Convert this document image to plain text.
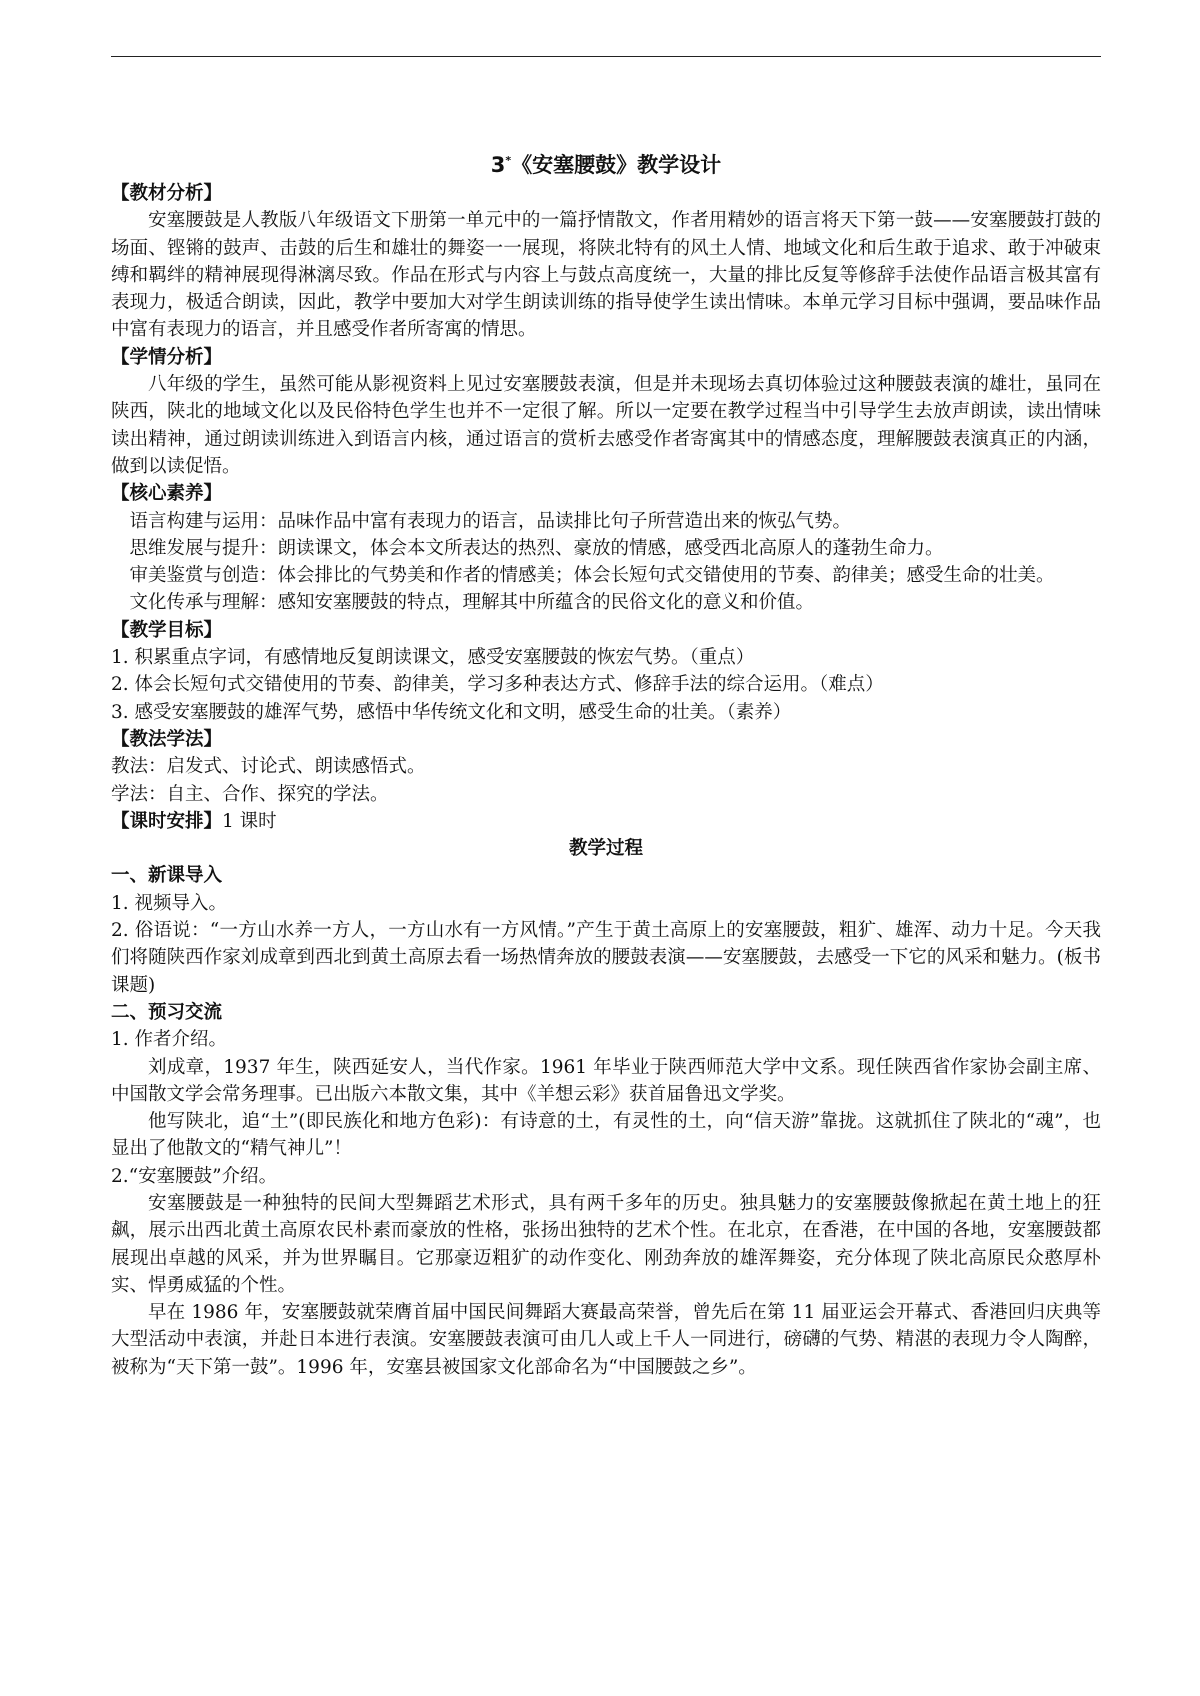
3*《安塞腰鼓》教学设计
【教材分析】
安塞腰鼓是人教版八年级语文下册第一单元中的一篇抒情散文，作者用精妙的语言将天下第一鼓——安塞腰鼓打鼓的场面、铿锵的鼓声、击鼓的后生和雄壮的舞姿一一展现，将陕北特有的风土人情、地域文化和后生敢于追求、敢于冲破束缚和羁绊的精神展现得淋漓尽致。作品在形式与内容上与鼓点高度统一，大量的排比反复等修辞手法使作品语言极其富有表现力，极适合朗读，因此，教学中要加大对学生朗读训练的指导使学生读出情味。本单元学习目标中强调，要品味作品中富有表现力的语言，并且感受作者所寄寓的情思。
【学情分析】
八年级的学生，虽然可能从影视资料上见过安塞腰鼓表演，但是并未现场去真切体验过这种腰鼓表演的雄壮，虽同在陕西，陕北的地域文化以及民俗特色学生也并不一定很了解。所以一定要在教学过程当中引导学生去放声朗读，读出情味读出精神，通过朗读训练进入到语言内核，通过语言的赏析去感受作者寄寓其中的情感态度，理解腰鼓表演真正的内涵，做到以读促悟。
【核心素养】
语言构建与运用：品味作品中富有表现力的语言，品读排比句子所营造出来的恢弘气势。
思维发展与提升：朗读课文，体会本文所表达的热烈、豪放的情感，感受西北高原人的蓬勃生命力。
审美鉴赏与创造：体会排比的气势美和作者的情感美；体会长短句式交错使用的节奏、韵律美；感受生命的壮美。
文化传承与理解：感知安塞腰鼓的特点，理解其中所蕴含的民俗文化的意义和价值。
【教学目标】
1. 积累重点字词，有感情地反复朗读课文，感受安塞腰鼓的恢宏气势。（重点）
2. 体会长短句式交错使用的节奏、韵律美，学习多种表达方式、修辞手法的综合运用。（难点）
3. 感受安塞腰鼓的雄浑气势，感悟中华传统文化和文明，感受生命的壮美。（素养）
【教法学法】
教法：启发式、讨论式、朗读感悟式。
学法：自主、合作、探究的学法。
【课时安排】1 课时
教学过程
一、新课导入
1. 视频导入。
2. 俗语说：“一方山水养一方人，一方山水有一方风情。”产生于黄土高原上的安塞腰鼓，粗犷、雄浑、动力十足。今天我们将随陕西作家刘成章到西北到黄土高原去看一场热情奔放的腰鼓表演——安塞腰鼓，去感受一下它的风采和魅力。(板书课题)
二、预习交流
1. 作者介绍。
刘成章，1937 年生，陕西延安人，当代作家。1961 年毕业于陕西师范大学中文系。现任陕西省作家协会副主席、中国散文学会常务理事。已出版六本散文集，其中《羊想云彩》获首届鲁迅文学奖。
他写陕北，追“土”(即民族化和地方色彩)：有诗意的土，有灵性的土，向“信天游”靠拢。这就抓住了陕北的“魂”，也显出了他散文的“精气神儿”！
2.“安塞腰鼓”介绍。
安塞腰鼓是一种独特的民间大型舞蹈艺术形式，具有两千多年的历史。独具魅力的安塞腰鼓像掀起在黄土地上的狂飙，展示出西北黄土高原农民朴素而豪放的性格，张扬出独特的艺术个性。在北京，在香港，在中国的各地，安塞腰鼓都展现出卓越的风采，并为世界瞩目。它那豪迈粗犷的动作变化、刚劲奔放的雄浑舞姿，充分体现了陕北高原民众憨厚朴实、悍勇威猛的个性。
早在 1986 年，安塞腰鼓就荣膺首届中国民间舞蹈大赛最高荣誉，曾先后在第 11 届亚运会开幕式、香港回归庆典等大型活动中表演，并赴日本进行表演。安塞腰鼓表演可由几人或上千人一同进行，磅礴的气势、精湛的表现力令人陶醉，被称为“天下第一鼓”。1996 年，安塞县被国家文化部命名为“中国腰鼓之乡”。
